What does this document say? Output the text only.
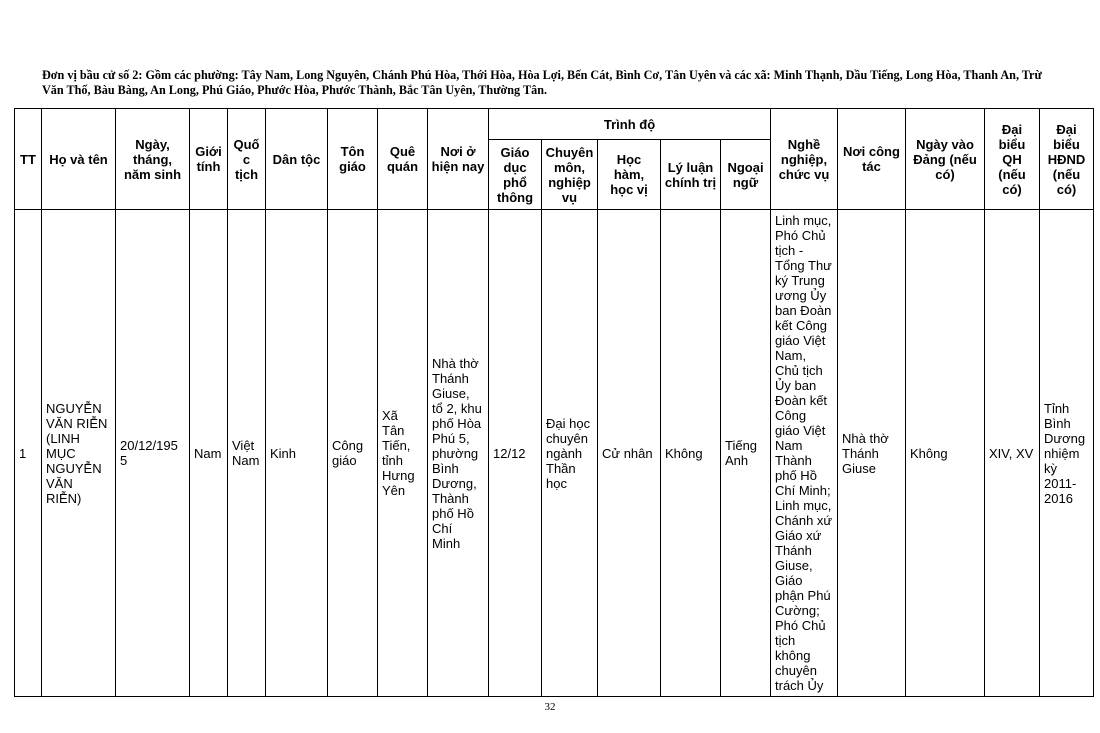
Đơn vị bầu cử số 2: Gồm các phường: Tây Nam, Long Nguyên, Chánh Phú Hòa, Thới Hòa, Hòa Lợi, Bến Cát, Bình Cơ, Tân Uyên và các xã: Minh Thạnh, Dầu Tiếng, Long Hòa, Thanh An, Trừ Văn Thố, Bàu Bàng, An Long, Phú Giáo, Phước Hòa, Phước Thành, Bắc Tân Uyên, Thường Tân.
TT	Họ và tên	Ngày, tháng, năm sinh	Giới tính	Quốc tịch	Dân tộc	Tôn giáo	Quê quán	Nơi ở hiện nay	Trình độ					Nghề nghiệp, chức vụ	Nơi công tác	Ngày vào Đảng (nếu có)	Đại biểu QH (nếu có)	Đại biểu HĐND (nếu có)
									Giáo dục phổ thông	Chuyên môn, nghiệp vụ	Học hàm, học vị	Lý luận chính trị	Ngoại ngữ					
1	NGUYỄN VĂN RIỄN (LINH MỤC NGUYỄN VĂN RIỄN)	20/12/1955	Nam	Việt Nam	Kinh	Công giáo	Xã Tân Tiến, tỉnh Hưng Yên	Nhà thờ Thánh Giuse, tổ 2, khu phố Hòa Phú 5, phường Bình Dương, Thành phố Hồ Chí Minh	12/12	Đại học chuyên ngành Thần học	Cử nhân	Không	Tiếng Anh	Linh mục, Phó Chủ tịch - Tổng Thư ký Trung ương Ủy ban Đoàn kết Công giáo Việt Nam, Chủ tịch Ủy ban Đoàn kết Công giáo Việt Nam Thành phố Hồ Chí Minh; Linh mục, Chánh xứ Giáo xứ Thánh Giuse, Giáo phận Phú Cường; Phó Chủ tịch không chuyên trách Ủy	Nhà thờ Thánh Giuse	Không	XIV, XV	Tỉnh Bình Dương nhiệm kỳ 2011-2016
32
